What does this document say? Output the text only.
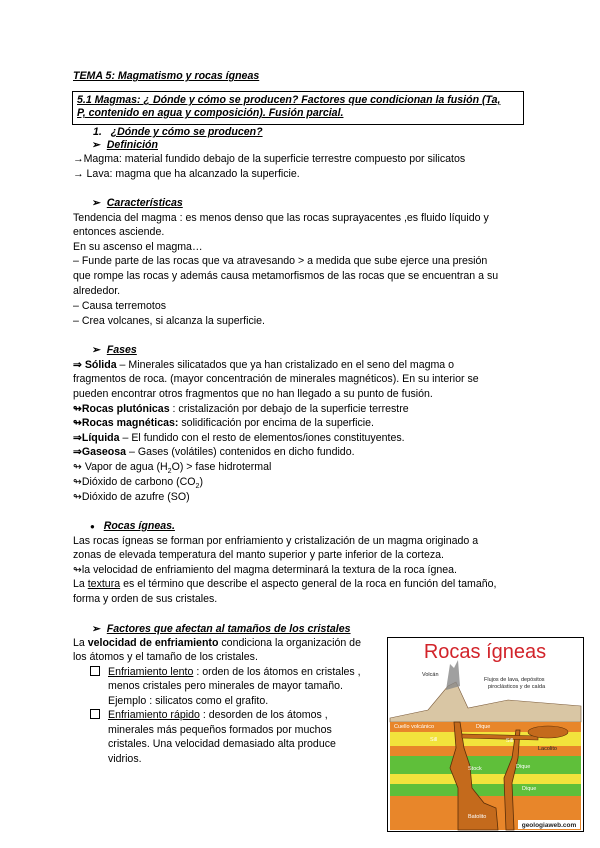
TEMA 5: Magmatismo y rocas ígneas
5.1 Magmas: ¿ Dónde y cómo se producen? Factores que condicionan la fusión (Ta,
P, contenido en agua y composición). Fusión parcial.
1. ¿Dónde y cómo se producen?
➢ Definición
→Magma: material fundido debajo de la superficie terrestre compuesto por silicatos
→ Lava: magma que ha alcanzado la superficie.
➢ Características
Tendencia del magma : es menos denso que las rocas suprayacentes ,es fluido líquido y
entonces asciende.
En su ascenso el magma…
– Funde parte de las rocas que va atravesando > a medida que sube ejerce una presión
que rompe las rocas y además causa metamorfismos de las rocas que se encuentran a su
alrededor.
– Causa terremotos
– Crea volcanes, si alcanza la superficie.
➢ Fases
⇒ Sólida – Minerales silicatados que ya han cristalizado en el seno del magma o
fragmentos de roca. (mayor concentración de minerales magnéticos). En su interior se
pueden encontrar otros fragmentos que no han llegado a su punto de fusión.
↬Rocas plutónicas : cristalización por debajo de la superficie terrestre
↬Rocas magnéticas: solidificación por encima de la superficie.
⇒Líquida – El fundido con el resto de elementos/iones constituyentes.
⇒Gaseosa – Gases (volátiles) contenidos en dicho fundido.
↬ Vapor de agua $(H_2O)$ > fase hidrotermal
↬Dióxido de carbono $(CO_2)$
↬Dióxido de azufre (SO)
● Rocas ígneas.
Las rocas ígneas se forman por enfriamiento y cristalización de un magma originado a
zonas de elevada temperatura del manto superior y parte inferior de la corteza.
↬la velocidad de enfriamiento del magma determinará la textura de la roca ígnea.
La textura es el término que describe el aspecto general de la roca en función del tamaño,
forma y orden de sus cristales.
➢ Factores que afectan al tamaños de los cristales
La velocidad de enfriamiento condiciona la organización de
los átomos y el tamaño de los cristales.
Enfriamiento lento : orden de los átomos en cristales ,
menos cristales pero minerales de mayor tamaño.
Ejemplo : silicatos como el grafito.
Enfriamiento rápido : desorden de los átomos ,
minerales más pequeños formados por muchos
cristales. Una velocidad demasiado alta produce
vidrios.
Rocas ígneas
Volcán
Flujos de lava, depósitos
piroclásticos y de caída
Cuello volcánico	Dique
Sill	Sill
Lacolito
Stock	Dique
Dique
Batolito
geologiaweb.com
